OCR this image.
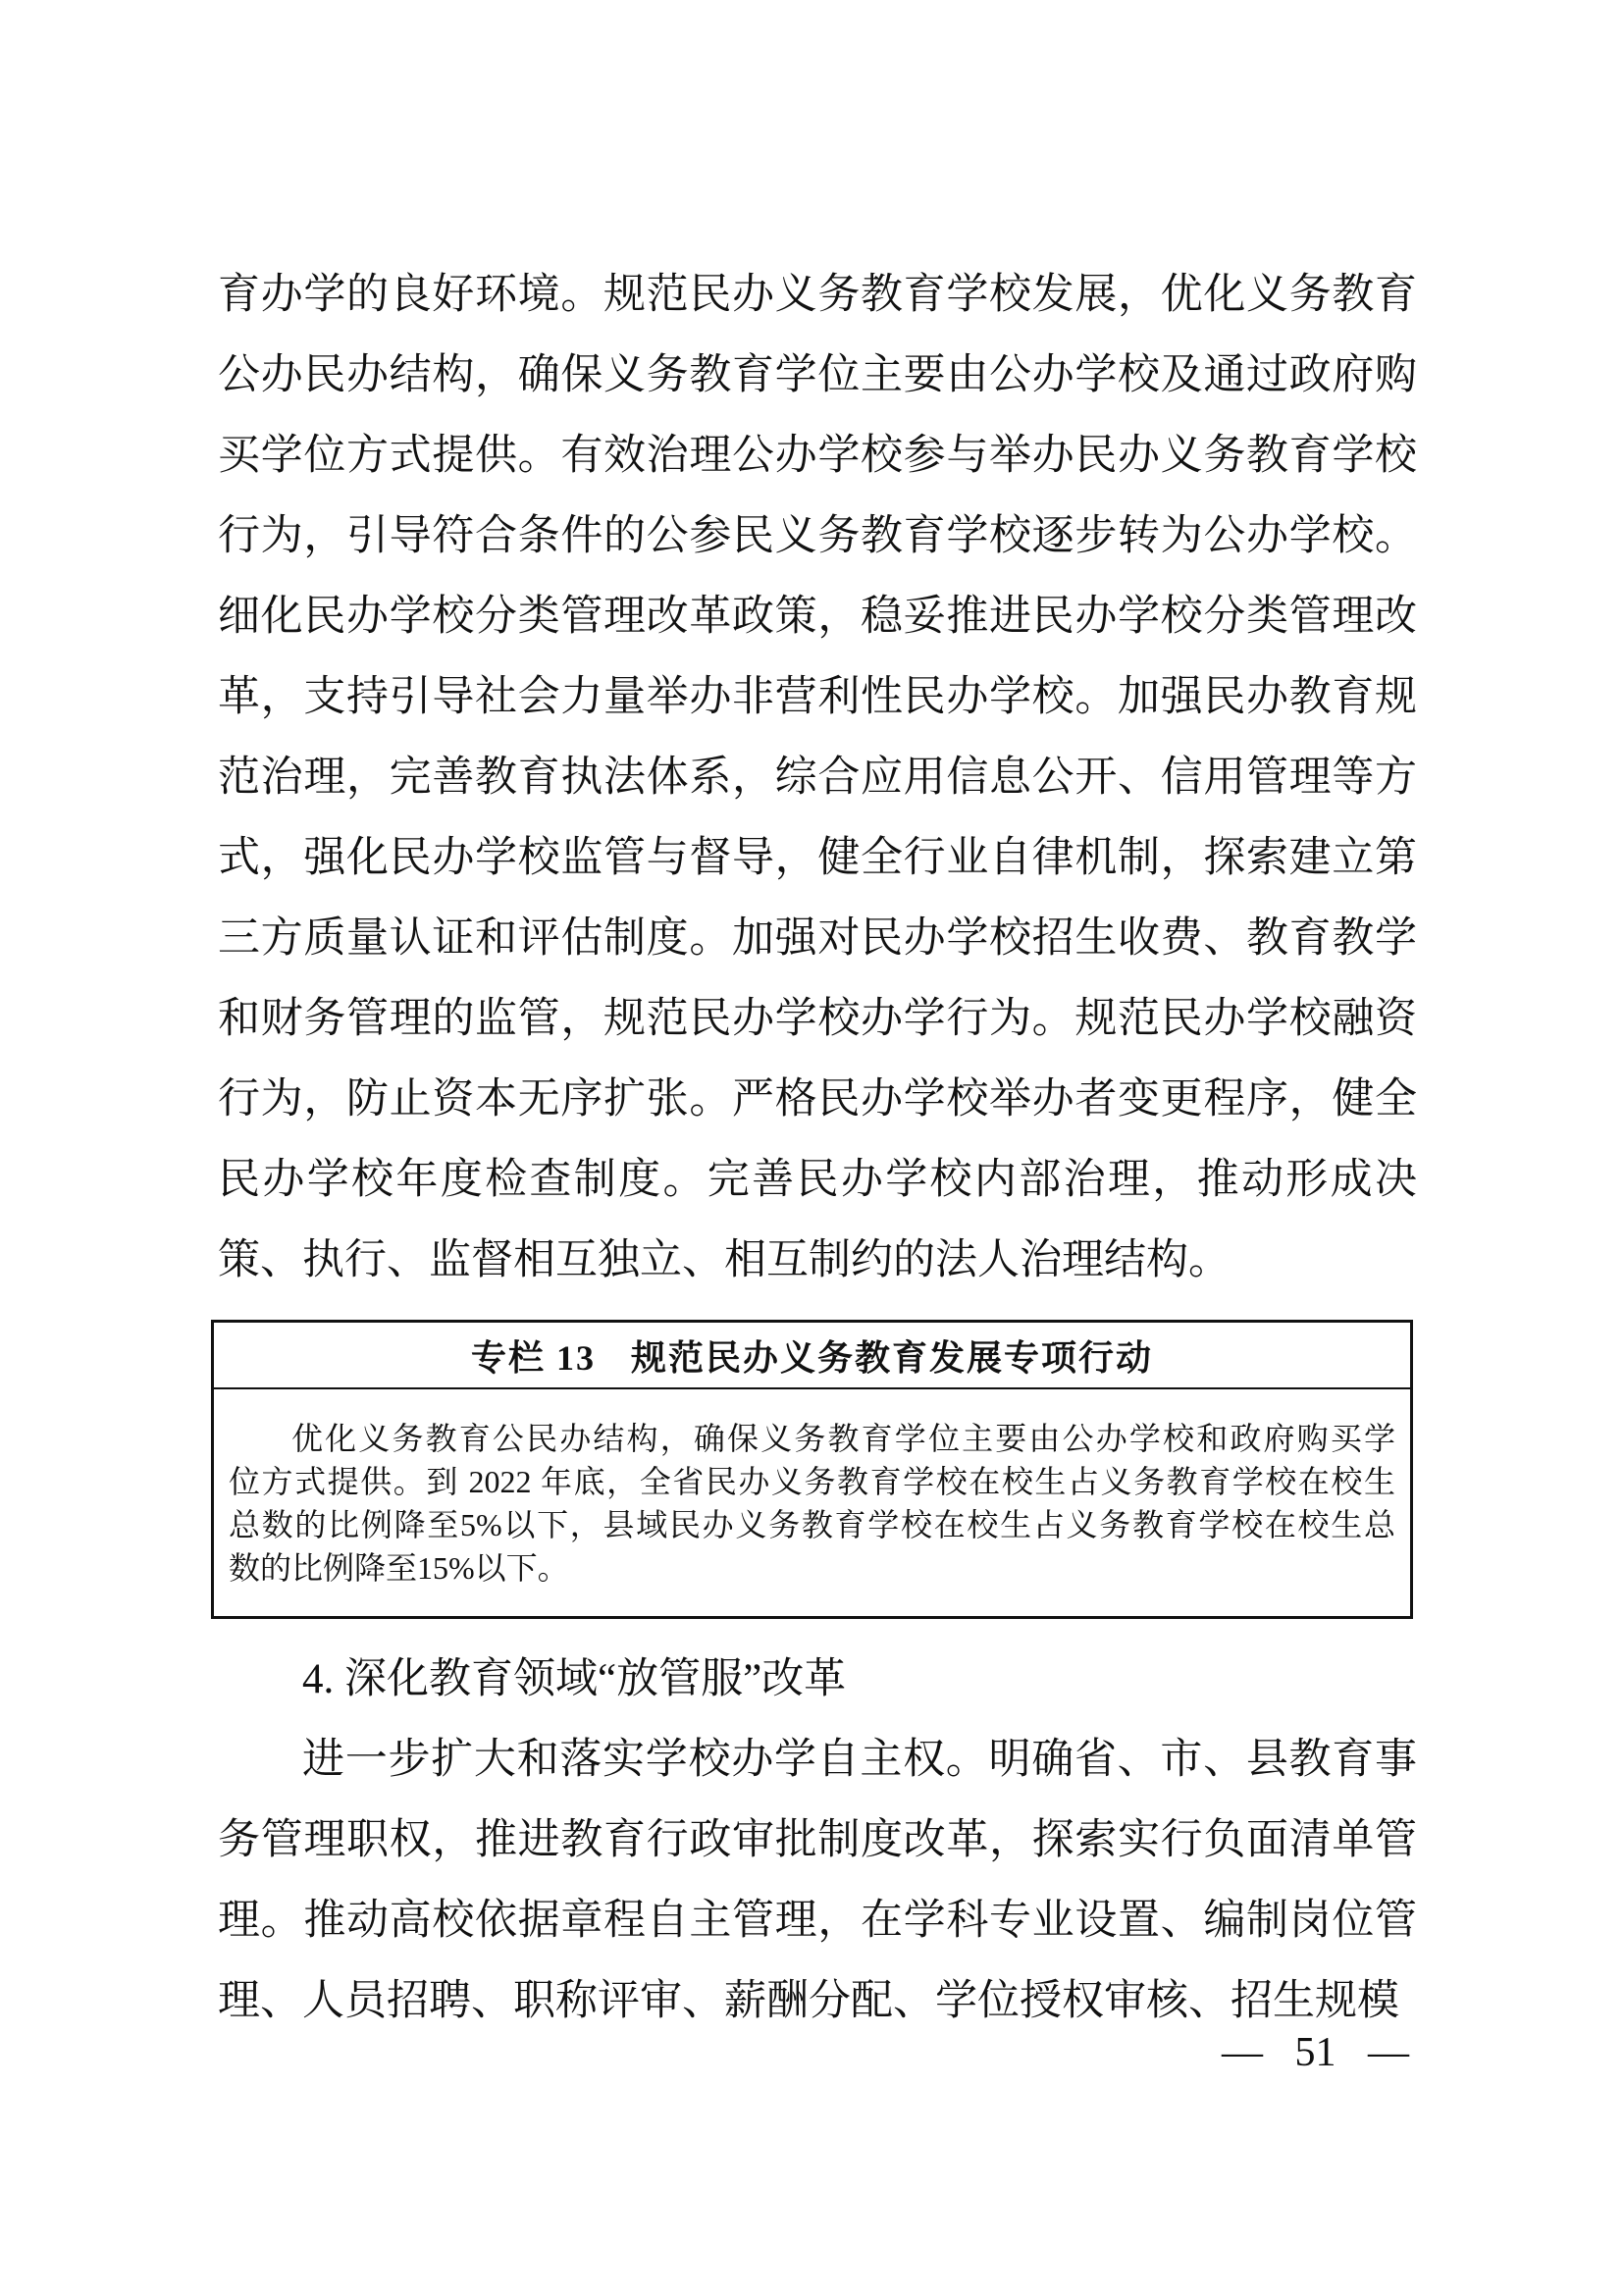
育办学的良好环境。规范民办义务教育学校发展，优化义务教育
公办民办结构，确保义务教育学位主要由公办学校及通过政府购
买学位方式提供。有效治理公办学校参与举办民办义务教育学校
行为，引导符合条件的公参民义务教育学校逐步转为公办学校。
细化民办学校分类管理改革政策，稳妥推进民办学校分类管理改
革，支持引导社会力量举办非营利性民办学校。加强民办教育规
范治理，完善教育执法体系，综合应用信息公开、信用管理等方
式，强化民办学校监管与督导，健全行业自律机制，探索建立第
三方质量认证和评估制度。加强对民办学校招生收费、教育教学
和财务管理的监管，规范民办学校办学行为。规范民办学校融资
行为，防止资本无序扩张。严格民办学校举办者变更程序，健全
民办学校年度检查制度。完善民办学校内部治理，推动形成决
策、执行、监督相互独立、相互制约的法人治理结构。
专栏 13 规范民办义务教育发展专项行动
优化义务教育公民办结构，确保义务教育学位主要由公办学校和政府购买学
位方式提供。到 2022 年底，全省民办义务教育学校在校生占义务教育学校在校生
总数的比例降至5%以下，县域民办义务教育学校在校生占义务教育学校在校生总
数的比例降至15%以下。
4. 深化教育领域“放管服”改革
进一步扩大和落实学校办学自主权。明确省、市、县教育事
务管理职权，推进教育行政审批制度改革，探索实行负面清单管
理。推动高校依据章程自主管理，在学科专业设置、编制岗位管
理、人员招聘、职称评审、薪酬分配、学位授权审核、招生规模
— 51 —
